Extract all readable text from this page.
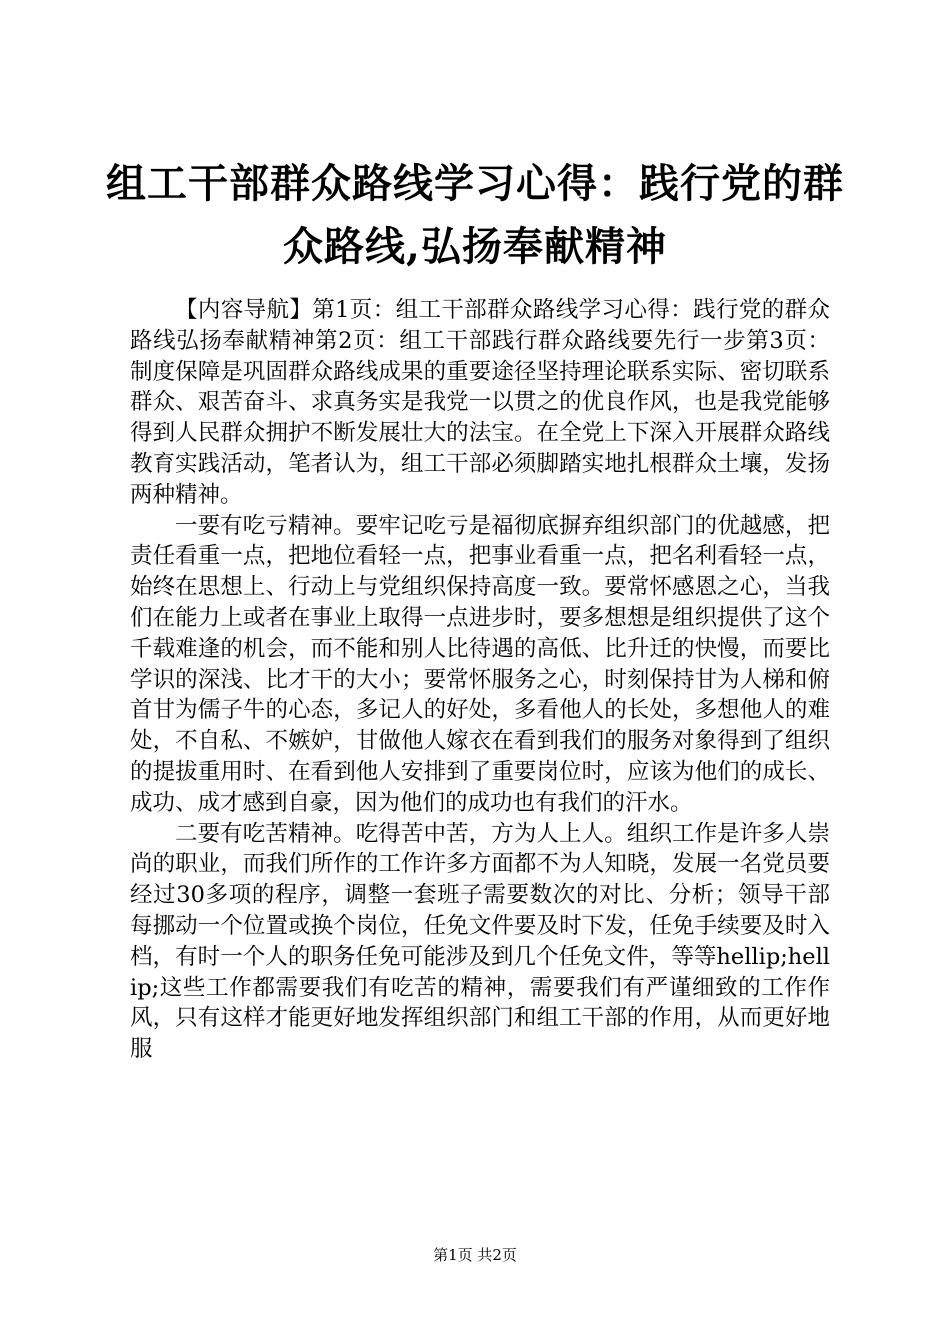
组工干部群众路线学习心得：践行党的群众路线,弘扬奉献精神

【内容导航】第1页：组工干部群众路线学习心得：践行党的群众路线弘扬奉献精神第2页：组工干部践行群众路线要先行一步第3页：制度保障是巩固群众路线成果的重要途径坚持理论联系实际、密切联系群众、艰苦奋斗、求真务实是我党一以贯之的优良作风，也是我党能够得到人民群众拥护不断发展壮大的法宝。在全党上下深入开展群众路线教育实践活动，笔者认为，组工干部必须脚踏实地扎根群众土壤，发扬两种精神。

一要有吃亏精神。要牢记吃亏是福彻底摒弃组织部门的优越感，把责任看重一点，把地位看轻一点，把事业看重一点，把名利看轻一点，始终在思想上、行动上与党组织保持高度一致。要常怀感恩之心，当我们在能力上或者在事业上取得一点进步时，要多想想是组织提供了这个千载难逢的机会，而不能和别人比待遇的高低、比升迁的快慢，而要比学识的深浅、比才干的大小；要常怀服务之心，时刻保持甘为人梯和俯首甘为儒子牛的心态，多记人的好处，多看他人的长处，多想他人的难处，不自私、不嫉妒，甘做他人嫁衣在看到我们的服务对象得到了组织的提拔重用时、在看到他人安排到了重要岗位时，应该为他们的成长、成功、成才感到自豪，因为他们的成功也有我们的汗水。

二要有吃苦精神。吃得苦中苦，方为人上人。组织工作是许多人崇尚的职业，而我们所作的工作许多方面都不为人知晓，发展一名党员要经过30多项的程序，调整一套班子需要数次的对比、分析；领导干部每挪动一个位置或换个岗位，任免文件要及时下发，任免手续要及时入档，有时一个人的职务任免可能涉及到几个任免文件，等等hellip;hellip;这些工作都需要我们有吃苦的精神，需要我们有严谨细致的工作作风，只有这样才能更好地发挥组织部门和组工干部的作用，从而更好地服

第1页 共2页
